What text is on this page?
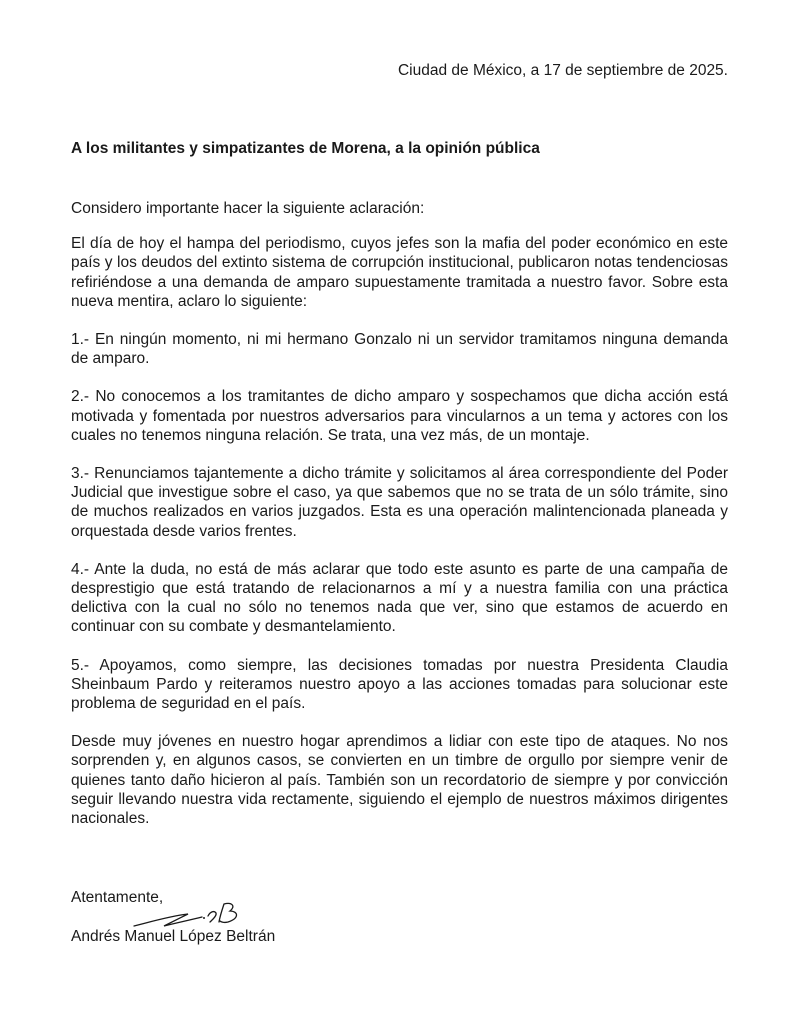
Ciudad de México, a 17 de septiembre de 2025.
A los militantes y simpatizantes de Morena, a la opinión pública

Considero importante hacer la siguiente aclaración:

El día de hoy el hampa del periodismo, cuyos jefes son la mafia del poder económico en este país y los deudos del extinto sistema de corrupción institucional, publicaron notas tendenciosas refiriéndose a una demanda de amparo supuestamente tramitada a nuestro favor. Sobre esta nueva mentira, aclaro lo siguiente:

1.- En ningún momento, ni mi hermano Gonzalo ni un servidor tramitamos ninguna demanda de amparo.

2.- No conocemos a los tramitantes de dicho amparo y sospechamos que dicha acción está motivada y fomentada por nuestros adversarios para vincularnos a un tema y actores con los cuales no tenemos ninguna relación. Se trata, una vez más, de un montaje.

3.- Renunciamos tajantemente a dicho trámite y solicitamos al área correspondiente del Poder Judicial que investigue sobre el caso, ya que sabemos que no se trata de un sólo trámite, sino de muchos realizados en varios juzgados. Esta es una operación malintencionada planeada y orquestada desde varios frentes.

4.- Ante la duda, no está de más aclarar que todo este asunto es parte de una campaña de desprestigio que está tratando de relacionarnos a mí y a nuestra familia con una práctica delictiva con la cual no sólo no tenemos nada que ver, sino que estamos de acuerdo en continuar con su combate y desmantelamiento.

5.- Apoyamos, como siempre, las decisiones tomadas por nuestra Presidenta Claudia Sheinbaum Pardo y reiteramos nuestro apoyo a las acciones tomadas para solucionar este problema de seguridad en el país.

Desde muy jóvenes en nuestro hogar aprendimos a lidiar con este tipo de ataques. No nos sorprenden y, en algunos casos, se convierten en un timbre de orgullo por siempre venir de quienes tanto daño hicieron al país. También son un recordatorio de siempre y por convicción seguir llevando nuestra vida rectamente, siguiendo el ejemplo de nuestros máximos dirigentes nacionales.

Atentamente,
Andrés Manuel López Beltrán
